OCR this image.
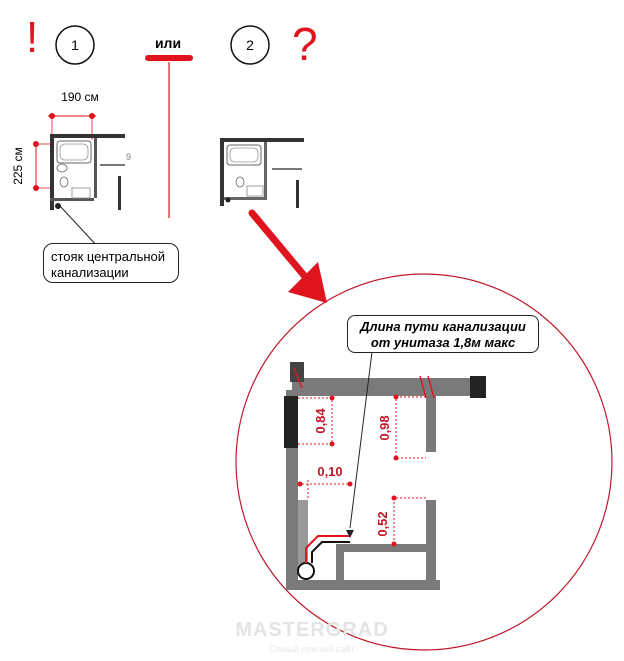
! 1	или	2 ?
190 см
225 см	9
0,84	0,98
0,10
0,52
MASTERGRAD
Самый нужный сайт
стояк центральной
канализации
Длина пути канализации
от унитаза 1,8м макс
